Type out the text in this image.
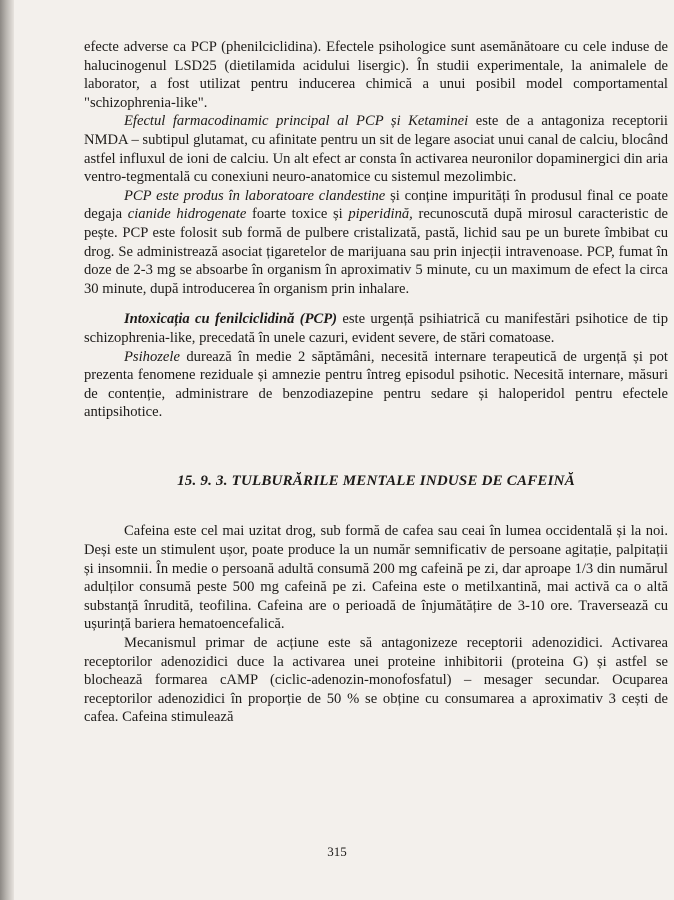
efecte adverse ca PCP (phenilciclidina). Efectele psihologice sunt asemănătoare cu cele induse de halucinogenul LSD25 (dietilamida acidului lisergic). În studii experimentale, la animalele de laborator, a fost utilizat pentru inducerea chimică a unui posibil model comportamental "schizophrenia-like".

Efectul farmacodinamic principal al PCP și Ketaminei este de a antagoniza receptorii NMDA – subtipul glutamat, cu afinitate pentru un sit de legare asociat unui canal de calciu, blocând astfel influxul de ioni de calciu. Un alt efect ar consta în activarea neuronilor dopaminergici din aria ventro-tegmentală cu conexiuni neuro-anatomice cu sistemul mezolimbic.

PCP este produs în laboratoare clandestine și conține impurități în produsul final ce poate degaja cianide hidrogenate foarte toxice și piperidină, recunoscută după mirosul caracteristic de pește. PCP este folosit sub formă de pulbere cristalizată, pastă, lichid sau pe un burete îmbibat cu drog. Se administrează asociat țigaretelor de marijuana sau prin injecții intravenoase. PCP, fumat în doze de 2-3 mg se absoarbe în organism în aproximativ 5 minute, cu un maximum de efect la circa 30 minute, după introducerea în organism prin inhalare.

Intoxicația cu fenilciclidină (PCP) este urgență psihiatrică cu manifestări psihotice de tip schizophrenia-like, precedată în unele cazuri, evident severe, de stări comatoase.

Psihozele durează în medie 2 săptămâni, necesită internare terapeutică de urgență și pot prezenta fenomene reziduale și amnezie pentru întreg episodul psihotic. Necesită internare, măsuri de contenție, administrare de benzodiazepine pentru sedare și haloperidol pentru efectele antipsihotice.

15. 9. 3. TULBURĂRILE MENTALE INDUSE DE CAFEINĂ

Cafeina este cel mai uzitat drog, sub formă de cafea sau ceai în lumea occidentală și la noi. Deși este un stimulent ușor, poate produce la un număr semnificativ de persoane agitație, palpitații și insomnii. În medie o persoană adultă consumă 200 mg cafeină pe zi, dar aproape 1/3 din numărul adulților consumă peste 500 mg cafeină pe zi. Cafeina este o metilxantină, mai activă ca o altă substanță înrudită, teofilina. Cafeina are o perioadă de înjumătățire de 3-10 ore. Traversează cu ușurință bariera hematoencefalică.

Mecanismul primar de acțiune este să antagonizeze receptorii adenozidici. Activarea receptorilor adenozidici duce la activarea unei proteine inhibitorii (proteina G) și astfel se blochează formarea cAMP (ciclic-adenozin-monofosfatul) – mesager secundar. Ocuparea receptorilor adenozidici în proporție de 50 % se obține cu consumarea a aproximativ 3 cești de cafea. Cafeina stimulează

315
